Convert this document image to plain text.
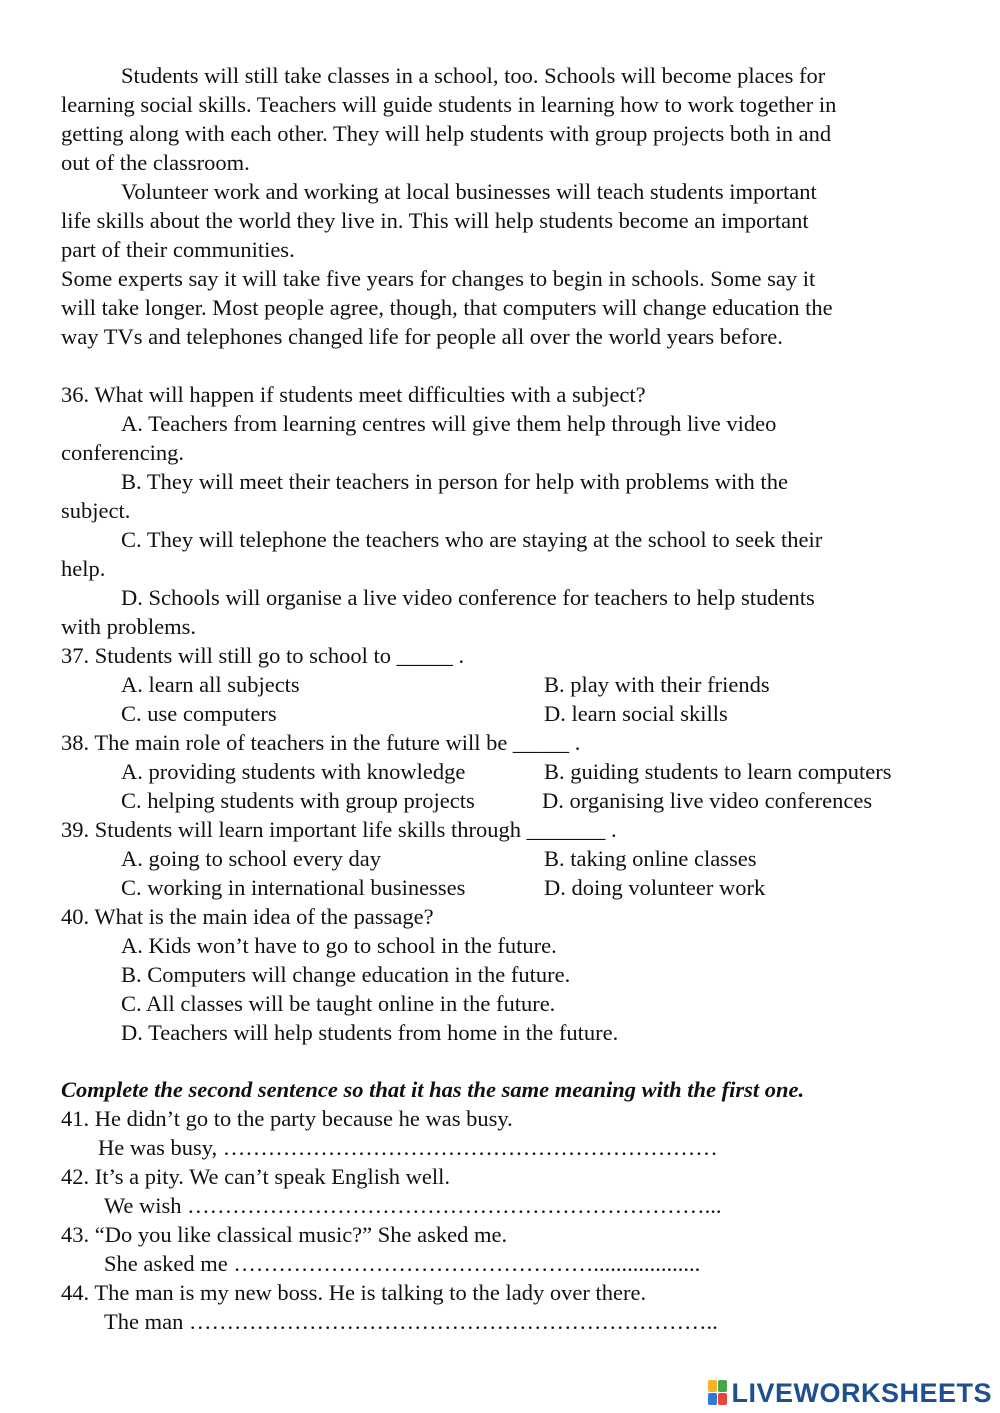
Students will still take classes in a school, too. Schools will become places for
learning social skills. Teachers will guide students in learning how to work together in
getting along with each other. They will help students with group projects both in and
out of the classroom.
Volunteer work and working at local businesses will teach students important
life skills about the world they live in. This will help students become an important
part of their communities.
Some experts say it will take five years for changes to begin in schools. Some say it
will take longer. Most people agree, though, that computers will change education the
way TVs and telephones changed life for people all over the world years before.
36. What will happen if students meet difficulties with a subject?
A. Teachers from learning centres will give them help through live video
conferencing.
B. They will meet their teachers in person for help with problems with the
subject.
C. They will telephone the teachers who are staying at the school to seek their
help.
D. Schools will organise a live video conference for teachers to help students
with problems.
37. Students will still go to school to _____ .
A. learn all subjects	B. play with their friends
C. use computers	D. learn social skills
38. The main role of teachers in the future will be _____ .
A. providing students with knowledge	B. guiding students to learn computers
C. helping students with group projects	D. organising live video conferences
39. Students will learn important life skills through _______ .
A. going to school every day	B. taking online classes
C. working in international businesses	D. doing volunteer work
40. What is the main idea of the passage?
A. Kids won’t have to go to school in the future.
B. Computers will change education in the future.
C. All classes will be taught online in the future.
D. Teachers will help students from home in the future.
Complete the second sentence so that it has the same meaning with the first one.
41. He didn’t go to the party because he was busy.
He was busy, …………………………………………………………
42. It’s a pity. We can’t speak English well.
We wish ……………………………………………………………...
43. “Do you like classical music?” She asked me.
She asked me …………………………………………...................
44. The man is my new boss. He is talking to the lady over there.
The man ……………………………………………………………..
LIVEWORKSHEETS
